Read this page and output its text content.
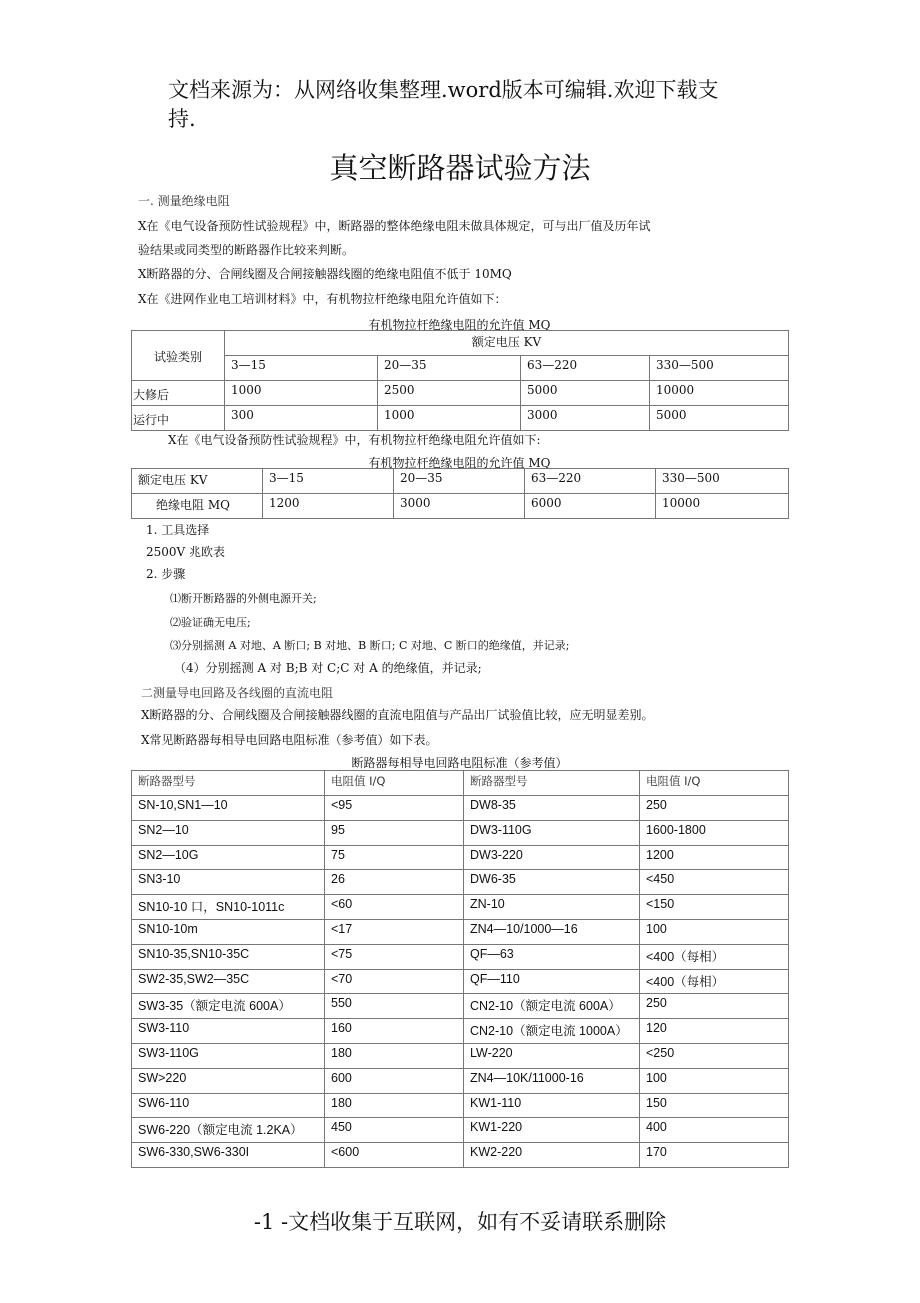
文档来源为：从网络收集整理.word版本可编辑.欢迎下载支
持.
真空断路器试验方法
一. 测量绝缘电阻
X在《电气设备预防性试验规程》中，断路器的整体绝缘电阻未做具体规定，可与出厂值及历年试
验结果或同类型的断路器作比较来判断。
X断路器的分、合闸线圈及合闸接触器线圈的绝缘电阻值不低于 10MQ
X在《进网作业电工培训材料》中，有机物拉杆绝缘电阻允许值如下：
有机物拉杆绝缘电阻的允许值 MQ
试验类别	额定电压 KV			
	3—15	20—35	63—220	330—500
大修后	1000	2500	5000	10000
运行中	300	1000	3000	5000
X在《电气设备预防性试验规程》中，有机物拉杆绝缘电阻允许值如下:
有机物拉杆绝缘电阻的允许值 MQ
额定电压 KV	3—15	20—35	63—220	330—500
绝缘电阻 MQ	1200	3000	6000	10000
1. 工具选择
2500V 兆欧表
2. 步骤
⑴断开断路器的外侧电源开关;
⑵验证确无电压;
⑶分别摇测 A 对地、A 断口; B 对地、B 断口; C 对地、C 断口的绝缘值，并记录;
（4）分别摇测 A 对 B;B 对 C;C 对 A 的绝缘值，并记录;
二测量导电回路及各线圈的直流电阻
X断路器的分、合闸线圈及合闸接触器线圈的直流电阻值与产品出厂试验值比较，应无明显差别。
X常见断路器每相导电回路电阻标准（参考值）如下表。
断路器每相导电回路电阻标准（参考值）
断路器型号	电阻值 I/Q	断路器型号	电阻值 I/Q
SN-10,SN1—10	<95	DW8-35	250
SN2—10	95	DW3-110G	1600-1800
SN2—10G	75	DW3-220	1200
SN3-10	26	DW6-35	<450
SN10-10 口，SN10-1011c	<60	ZN-10	<150
SN10-10m	<17	ZN4—10/1000—16	100
SN10-35,SN10-35C	<75	QF—63	<400（每相）
SW2-35,SW2—35C	<70	QF—110	<400（每相）
SW3-35（额定电流 600A）	550	CN2-10（额定电流 600A）	250
SW3-110	160	CN2-10（额定电流 1000A）	120
SW3-110G	180	LW-220	<250
SW>220	600	ZN4—10K/11000-16	100
SW6-110	180	KW1-110	150
SW6-220（额定电流 1.2KA）	450	KW1-220	400
SW6-330,SW6-330I	<600	KW2-220	170
-1 -文档收集于互联网，如有不妥请联系删除
